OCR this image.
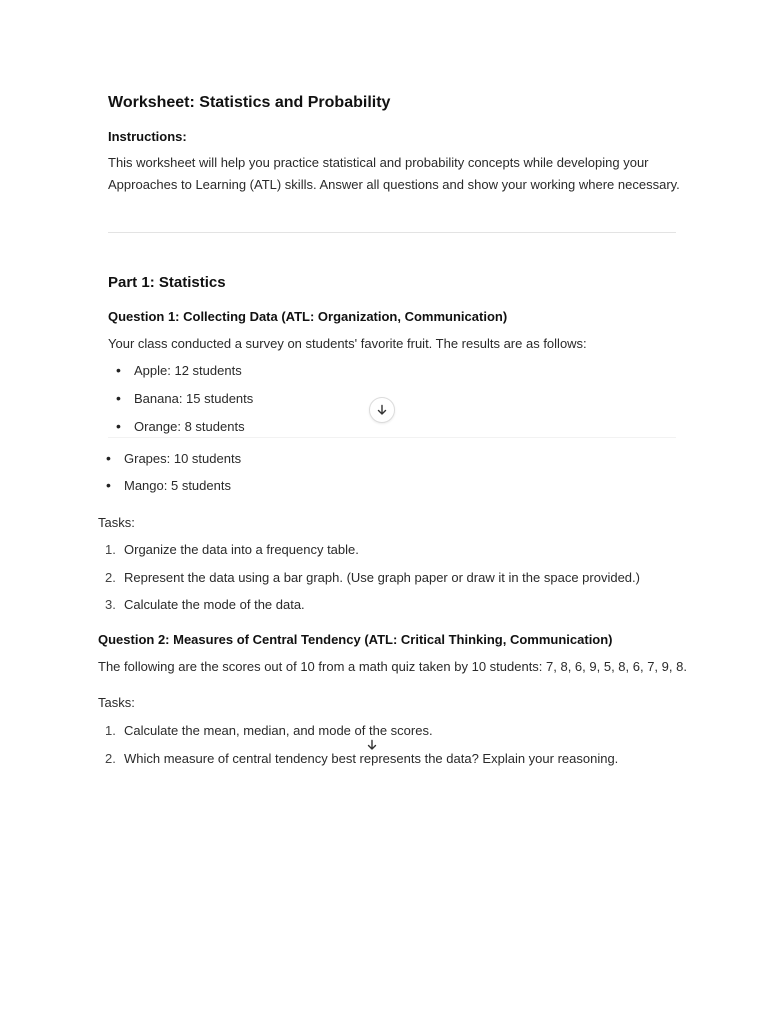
Worksheet: Statistics and Probability
Instructions:
This worksheet will help you practice statistical and probability concepts while developing your
Approaches to Learning (ATL) skills. Answer all questions and show your working where necessary.
Part 1: Statistics
Question 1: Collecting Data (ATL: Organization, Communication)
Your class conducted a survey on students' favorite fruit. The results are as follows:
• Apple: 12 students
• Banana: 15 students
• Orange: 8 students
• Grapes: 10 students
• Mango: 5 students
Tasks:
1. Organize the data into a frequency table.
2. Represent the data using a bar graph. (Use graph paper or draw it in the space provided.)
3. Calculate the mode of the data.
Question 2: Measures of Central Tendency (ATL: Critical Thinking, Communication)
The following are the scores out of 10 from a math quiz taken by 10 students: 7, 8, 6, 9, 5, 8, 6, 7, 9, 8.
Tasks:
1. Calculate the mean, median, and mode of the scores.
2. Which measure of central tendency best represents the data? Explain your reasoning.
